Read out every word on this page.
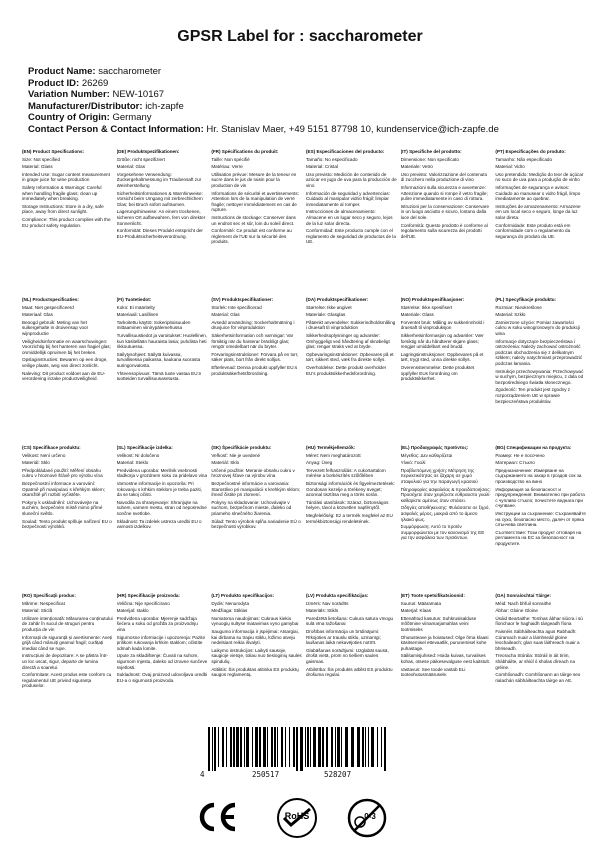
GPSR Label for : saccharometer
Product Name: saccharometer
Product ID: 26269
Variation Number: NEW-10167
Manufacturer/Distributor: ich-zapfe
Country of Origin: Germany
Contact Person & Contact Information: Hr. Stanislav Maer, +49 5151 87798 10, kundenservice@ich-zapfe.de
(EN) Product Specifications:

Size: Not specified

Material: Glass

Intended Use: Sugar content measurement in grape juice for wine production

Safety Information & Warnings: Careful when handling fragile glass; clean up immediately when breaking.

Storage Instructions: Store in a dry, safe place, away from direct sunlight.

Compliance: This product complies with the EU product safety regulation.

(DE) Produktspezifikationen:

Größe: nicht spezifiziert

Material: Glas

Vorgesehene Verwendung: Zuckergehaltmessung im Traubensaft zur Weinherstellung

Sicherheitsinformationen & Warnhinweise: Vorsicht beim Umgang mit zerbrechlichem Glas; bei Bruch sofort aufräumen.

Lagerungshinweise: An einem trockenen, sicheren Ort aufbewahren, fern von direkter Sonnenlicht.

Konformität: Dieses Produkt entspricht der EU-Produktsicherheitsverordnung.

(FR) Spécifications du produit:

Taille: Non spécifié

Matériau: Verre

Utilisation prévue: Mesure de la teneur en sucre dans le jus de raisin pour la production de vin

Informations de sécurité et avertissements: Attention lors de la manipulation de verre fragile; nettoyer immédiatement en cas de rupture.

Instructions de stockage: Conserver dans un endroit sec et sûr, loin du soleil direct.

Conformité: Ce produit est conforme au règlement de l'UE sur la sécurité des produits.

(ES) Especificaciones del producto:

Tamaño: No especificado

Material: Cristal

Uso previsto: Medición de contenido de azúcar en jugo de uva para la producción de vino

Información de seguridad y advertencias: Cuidado al manipular vidrio frágil; limpiar inmediatamente al romper.

Instrucciones de almacenamiento: Almacene en un lugar seco y seguro, lejos de la luz solar directa.

Conformidad: Este producto cumple con el reglamento de seguridad de productos de la UE.

(IT) Specifiche del prodotto:

Dimensione: Non specificato

Materiale: Vetro

Uso previsto: Valorizzazione del contenuto di zucchero nella produzione di vino

Informazioni sulla sicurezza e avvertenze: Attenzione quando si rompe il vetro fragile; pulire immediatamente in caso di rottura.

Istruzioni per la conservazione: Conservare in un luogo asciutto e sicuro, lontano dalla luce del sole.

Conformità: Questo prodotto è conforme al regolamento sulla sicurezza dei prodotti dell'UE.

(PT) Especificações do produto:

Tamanho: Não especificado

Material: Vidro

Uso pretendido: Medição do teor de açúcar no suco de uva para a produção de vinho

Informações de segurança e avisos: Cuidado ao manusear o vidro frágil, limpo imediatamente ao quebrar.

Instruções de armazenamento: Armazene em um local seco e seguro, longe da luz solar direta.

Conformidade: Este produto está em conformidade com o regulamento da segurança do produto da UE.

(NL) Productspecificaties:

Maat: Niet gespecificeerd

Materiaal: Glas

Beoogd gebruik: Meting van het suikergehalte in druivensap voor wijnproductie

Veiligheidsinformatie en waarschuwingen: Voorzichtig bij het hanteren van fragiel glas; onmiddellijk opruimen bij het breken.

Opslaginstructies: Bewaren op een droge, veilige plaats, weg van direct zonlicht.

Naleving: Dit product voldoet aan de EU-verordening inzake productveiligheid.

(FI) Tuotetiedot:

Koko: Ei määritelty

Materiaali: Lasillinen

Tarkoitettu käyttö: Sokeripitoisuuden mittaaminen viinirypälemehussa

Turvallisuustiedot ja varoitukset: Huolellinen, kun käsitellään hauraista lasia; puhdista heti rikkoutuessa.

Säilytysohjeet: Säilytä kuivassa, turvallisessa paikassa, kaukana suorasta auringonvalosta.

Yhteensopivuus: Tämä tuote vastaa EU:n tuotteiden turvallisuusasetusta.

(SV) Produktspecifikationer:

Storlek: Inte specificerad

Material: Glas

Avsedd användning: Sockerhaltmätning i druvjuice för vinproduktion

Säkerhetsinformation och varningar: Var försiktig när du hanterar bräckligt glas; rengör omedelbart när du bryter.

Förvaringsinstruktioner: Förvara på en torr, säker plats, bort från direkt solljus.

Efterlevnad: Denna produkt uppfyller EU:s produktsäkerhetsförordning.

(DA) Produktspecifikationer:

Størrelse: Ikke angivet

Materiale: Glasglas

Påtænkt anvendelse: Sukkerindholdsmåling i druesaft til vinproduktion

Sikkerhedsoplysninger og advarsler: Omhyggeligt ved håndtering af skrøbeligt glas; rengør straks ved at bryde.

Opbevaringsinstruktioner: Opbevares på et tørt, sikkert sted, væk fra direkte sollys.

Overholdelse: Dette produkt overholder EU's produktsikkerhedsforordning.

(NO) Produktspesifikasjoner:

Størrelse: Ikke spesifisert

Materiale: Glass

Forventet bruk: Måling av sukkerinnhold i druesaft til vinproduksjon

Sikkerhetsinformasjon og advarsler: Vær forsiktig når du håndterer skjøre glass; rengjør umiddelbart ved brudd.

Lagringsinstruksjoner: Oppbevares på et tørt, trygt sted, unna direkte sollys.

Overensstemmelse: Dette produktet oppfyller EUs forordning om produktsikkerhet.

(PL) Specyfikacje produktu:

Rozmiar: Nieokreślone

Materiał: Szkło

Zamierzone użycie: Pomiar zawartości cukru w soku winogronowym do produkcji wina

Informacje dotyczące bezpieczeństwa i ostrzeżenia: Należy zachować ostrożność podczas obchodzenia się z delikatnym szkłem; należy natychmiast przeprowadzić podczas łamania.

Instrukcje przechowywania: Przechowywać w suchym, bezpiecznym miejscu, z dala od bezpośredniego światła słonecznego.

Zgodność: Ten produkt jest zgodny z rozporządzeniem UE w sprawie bezpieczeństwa produktów.

(CS) Specifikace produktu:

Velikost: Není určeno

Materiál: Sklo

Předpokládané použití: Měření obsahu cukru v hroznové šťávě pro výrobu vína

Bezpečnostní informace a varování: Opatrně při manipulaci s křehkým sklem; okamžitě při rozbití vyčistěte.

Pokyny k uskladnění: Uchovávejte na suchém, bezpečném místě mimo přímé sluneční světlo.

Soulad: Tento produkt splňuje nařízení EU o bezpečnosti výrobků.

(SL) Specifikacije izdelka:

Velikost: Ni določeno

Material: Steklo

Predvidena uporaba: Merilnik vsebnosti sladkorja v grozdnem soku za pridelavo vina

Varnostne informacije in opozorila: Pri rokovanju s krhkim steklom je treba paziti, da se takoj očisti.

Navodila za shranjevanje: Shranjujte na suhem, varnem mestu, stran od neposredne sončne svetlobe.

Skladnost: Ta izdelek ustreza uredbi EU o varnosti izdelkov.

(SK) Špecifikácie produktu:

Veľkosť: Nie je uvedené

Materiál: Sklo

Určené použitie: Meranie obsahu cukru v hroznovej šťave na výrobu vína

Bezpečnostné informácie a varovania: Starostlivo pri manipulácii s krehkým sklom; ihneď čistite pri zlomení.

Pokyny na skladovanie: Uchovávajte v suchom, bezpečnom mieste, ďaleko od priameho slnečného žiarenia.

Súlad: Tento výrobok spĺňa nariadenie EÚ o bezpečnosti výrobkov.

(HU) Termékjellemzők:

Méret: Nem meghatározott

Anyag: Üveg

Tervezett felhasználás: A cukortartalom mérése a borkészítés szőlőlében

Biztonsági információk és figyelmeztetések: Gondosan kezelje a törékeny üveget; azonnal tisztítsa meg a törés során.

Tárolási utasítások: Száraz, biztonságos helyen, távol a közvetlen napfénytől.

Megfelelőség: Ez a termék megfelel az EU termékbiztonsági rendeletének.

(EL) Προδιαγραφές προϊόντος:

Μέγεθος: Δεν καθορίζεται

Υλικό: Γυαλί

Προβλεπόμενη χρήση: Μέτρηση της περιεκτικότητας σε ζάχαρη σε χυμό σταφυλιού για την παραγωγή κρασιού

Πληροφορίες ασφαλείας & προειδοποιήσεις: Προσέχετε όταν χειρίζεστε εύθραυστο γυαλί· καθαρίστε αμέσως όταν σπάσει.

Οδηγίες αποθήκευσης: Φυλάσσετε σε ξηρό, ασφαλές μέρος, μακριά από το άμεσο ηλιακό φως.

Συμμόρφωση: Αυτό το προϊόν συμμορφώνεται με τον κανονισμό της ΕΕ για την ασφάλεια των προϊόντων.

(BG) Спецификации на продукта:

Размер: Не е посочено

Материал: Стъкло

Предназначение: Измерване на съдържанието на захар в гроздов сок за производство на вино

Информация за безопасност и предупреждения: Внимателно при работа с чупливо стъкло; почистете веднага при счупване.

Инструкции за съхранение: Съхранявайте на сухо, безопасно място, далеч от пряка слънчева светлина.

Съответствие: Този продукт отговаря на регламента на ЕС за безопасност на продуктите.

(RO) Specificații produs:

Mărime: Nespecificat

Material: Sticlă

Utilizare intenționată: Măsurarea conținutului de zahăr în sucul de struguri pentru producția de vin

Informații de siguranță și avertismente: Aveți grijă când mânuiți geamul fragil; curățați imediat când se rupe.

Instrucțiuni de depozitare: A se păstra într-un loc uscat, sigur, departe de lumina directă a soarelui.

Conformitate: Acest produs este conform cu regulamentul UE privind siguranța produselor.

(HR) Specifikacije proizvoda:

Veličina: Nije specificirano

Materijal: staklo

Predviđena uporaba: Mjerenje sadržaja šećera u soku od grožđa za proizvodnju vina

Sigurnosne informacije i upozorenja: Pazite prilikom rukovanja krhkim staklom; očistite odmah kada lomite.

Upute za skladištenje: Čuvati na suhom, sigurnom mjestu, daleko od izravne sunčeve svjetlosti.

Sukladnost: Ovaj proizvod udovoljava uredbi EU-a o sigurnosti proizvoda.

(LT) Produkto specifikacijos:

Dydis: Nenurodyta

Medžiaga: Stiklas

Numatoma naudojimas: Cukraus kiekio vynuogių sultyse matavimas vyno gamybai

Saugumo informacija ir įspėjimai: Atsargiai, kai dirbama su trapiu stiklu, lūžimo atveju nedelsiant reikia išvalyti.

Laikymo instrukcijos: Laikyti sausoje, saugioje vietoje, toliau nuo tiesioginių saulės spindulių.

Atitiktis: Šis produktas atitinka ES produktų saugos reglamentą.

(LV) Produkta specifikācijas:

Izmērs: Nav norādīts

Materiāls: Stikls

Paredzētā lietošana: Cukura satura vīnogu sulā vīna ražošanai

Drošības informācija un brīdinājumi: Rīkojoties ar trauslu stiklu, uzmanīgi; laušanas laikā nekavējoties notīrīt.

Glabāšanas norādījumi: Uzglabāt sausā, drošā vietā, prom no tiešiem saules gaismas.

Atbilstība: Šis produkts atbilst ES produktu drošuma regulai.

(ET) Toote spetsifikatsioonid:

Suurus: Määramata

Materjal: Klaas

Ettenähtud kasutus: Suhkrusisalduse mõõtmine viinamarjamahlas veini tootmiseks

Ohutusteave ja hoiatused: Olge õrna klaasi käsitsemisel ettevaatlik, purunemisel kohe puhastage.

Säilitamisjuhised: Hoida kuivas, turvalises kohas, otsese päikesevalguse eest kaitstult.

Vastavus: See toode vastab ELi tooteohutusmäärusele.

(GA) Sonraíochtaí Táirge:

Méid: Nach bhfuil sonraithe

Ábhar: Gloine Gloine

Úsáid Beartaithe: Tomhas ábhar siúcra i sú fíonchaor le haghaidh táirgeadh fíona

Faisnéis Sábháilteachta agus Rabhadh: Cúramach nuair a láimhseáil gloine leochaileach; glan suas láithreach nuair a bhriseadh.

Treoracha Stórála: Stóráil in áit tirim, shábháilte, ar shiúl ó sholas díreach na gréine.

Comhlíonadh: Comhlíonann an táirge seo rialachán sábháilteachta táirge an AE.

4	250517	528207
RoHS	0-3
